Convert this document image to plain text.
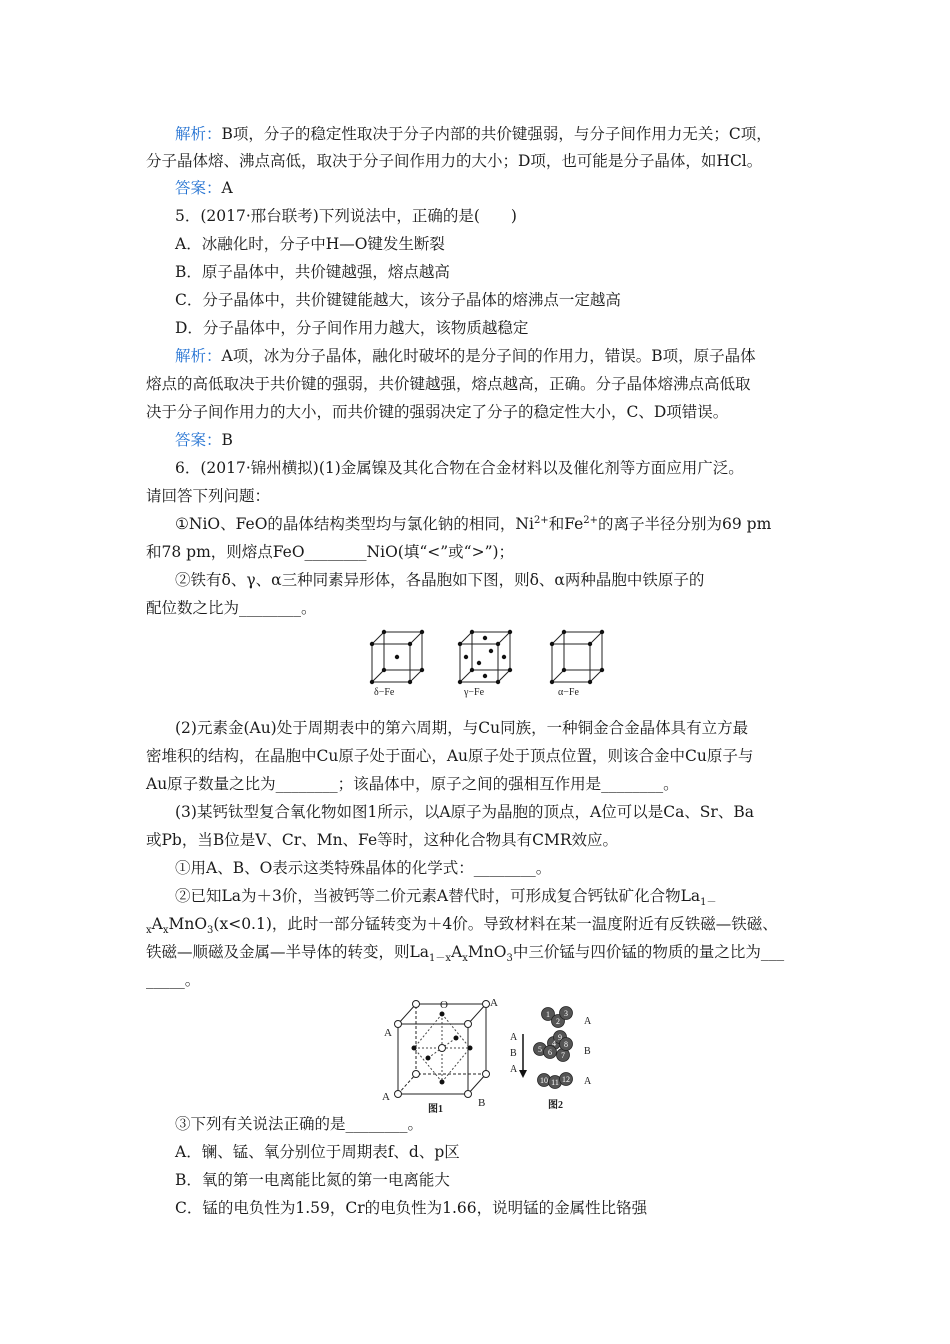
解析：B项，分子的稳定性取决于分子内部的共价键强弱，与分子间作用力无关；C项，
分子晶体熔、沸点高低，取决于分子间作用力的大小；D项，也可能是分子晶体，如HCl。
答案：A
5．(2017·邢台联考)下列说法中，正确的是(　　)
A．冰融化时，分子中H—O键发生断裂
B．原子晶体中，共价键越强，熔点越高
C．分子晶体中，共价键键能越大，该分子晶体的熔沸点一定越高
D．分子晶体中，分子间作用力越大，该物质越稳定
解析：A项，冰为分子晶体，融化时破坏的是分子间的作用力，错误。B项，原子晶体
熔点的高低取决于共价键的强弱，共价键越强，熔点越高，正确。分子晶体熔沸点高低取
决于分子间作用力的大小，而共价键的强弱决定了分子的稳定性大小，C、D项错误。
答案：B
6．(2017·锦州横拟)(1)金属镍及其化合物在合金材料以及催化剂等方面应用广泛。
请回答下列问题：
①NiO、FeO的晶体结构类型均与氯化钠的相同，$Ni^{2+}$和$Fe^{2+}$的离子半径分别为69 pm
和78 pm，则熔点FeO________NiO(填“<”或“>”)；
②铁有δ、γ、α三种同素异形体，各晶胞如下图，则δ、α两种晶胞中铁原子的
配位数之比为________。
δ−Fe	γ−Fe	α−Fe
(2)元素金(Au)处于周期表中的第六周期，与Cu同族，一种铜金合金晶体具有立方最
密堆积的结构，在晶胞中Cu原子处于面心，Au原子处于顶点位置，则该合金中Cu原子与
Au原子数量之比为________；该晶体中，原子之间的强相互作用是________。
(3)某钙钛型复合氧化物如图1所示，以A原子为晶胞的顶点，A位可以是Ca、Sr、Ba
或Pb，当B位是V、Cr、Mn、Fe等时，这种化合物具有CMR效应。
①用A、B、O表示这类特殊晶体的化学式：________。
②已知La为＋3价，当被钙等二价元素A替代时，可形成复合钙钛矿化合物$La_{1-}$
$_xA_xMnO_3(x<0.1)$，此时一部分锰转变为＋4价。导致材料在某一温度附近有反铁磁—铁磁、
铁磁—顺磁及金属—半导体的转变，则$La_{1-x}A_xMnO_3$中三价锰与四价锰的物质的量之比为___
_____。
A
A
O
B
A
图1
A
B
A
A
B
A
1
2
3
4
5 6 7
8
9
10 11 12
图2
③下列有关说法正确的是________。
A．镧、锰、氧分别位于周期表f、d、p区
B．氧的第一电离能比氮的第一电离能大
C．锰的电负性为1.59，Cr的电负性为1.66，说明锰的金属性比铬强
